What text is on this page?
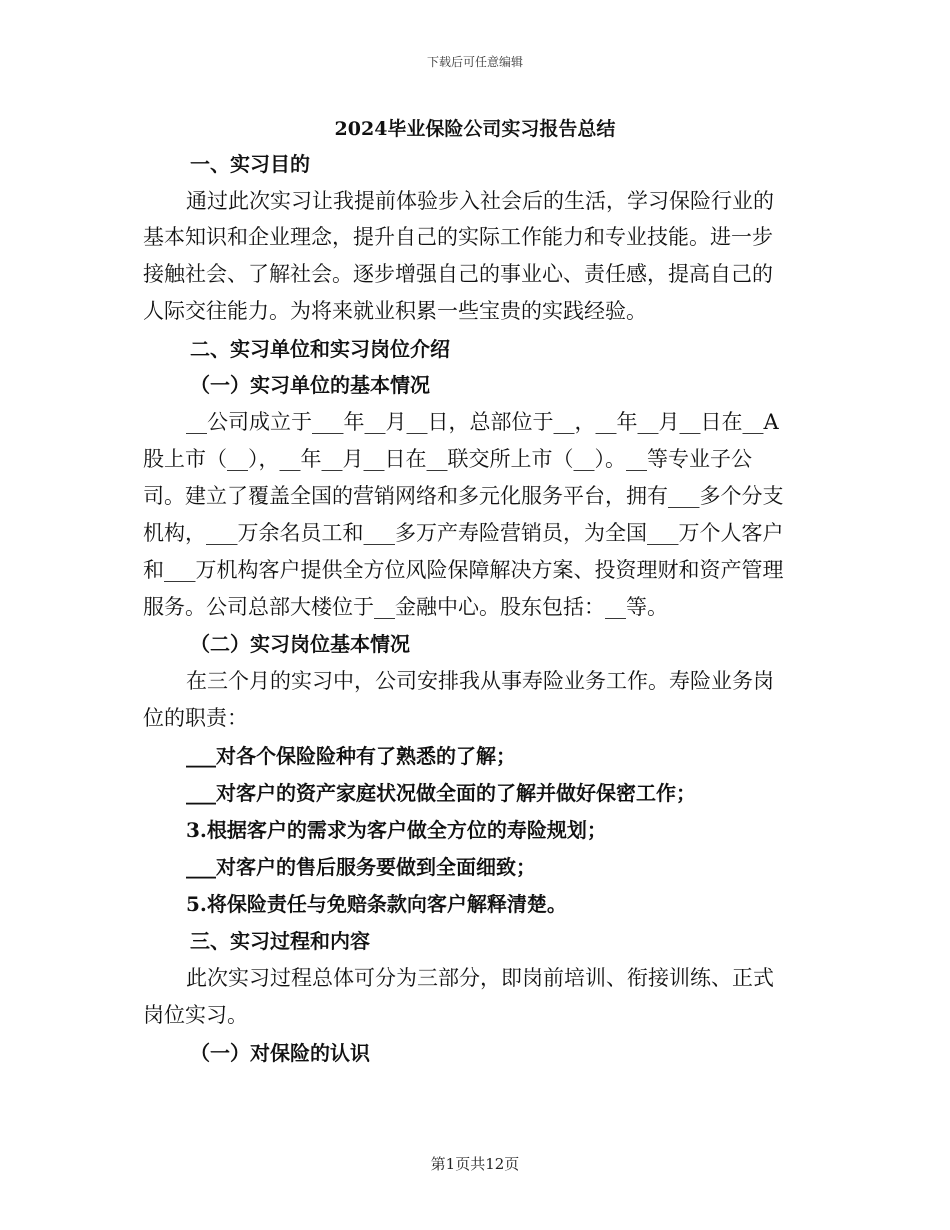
下载后可任意编辑
2024毕业保险公司实习报告总结
一、实习目的
通过此次实习让我提前体验步入社会后的生活，学习保险行业的
基本知识和企业理念，提升自己的实际工作能力和专业技能。进一步
接触社会、了解社会。逐步增强自己的事业心、责任感，提高自己的
人际交往能力。为将来就业积累一些宝贵的实践经验。
二、实习单位和实习岗位介绍
（一）实习单位的基本情况
__公司成立于___年__月__日，总部位于__，__年__月__日在__A
股上市（__），__年__月__日在__联交所上市（__）。__等专业子公
司。建立了覆盖全国的营销网络和多元化服务平台，拥有___多个分支
机构，___万余名员工和___多万产寿险营销员，为全国___万个人客户
和___万机构客户提供全方位风险保障解决方案、投资理财和资产管理
服务。公司总部大楼位于__金融中心。股东包括：__等。
（二）实习岗位基本情况
在三个月的实习中，公司安排我从事寿险业务工作。寿险业务岗
位的职责：
___对各个保险险种有了熟悉的了解；
___对客户的资产家庭状况做全面的了解并做好保密工作；
3.根据客户的需求为客户做全方位的寿险规划；
___对客户的售后服务要做到全面细致；
5.将保险责任与免赔条款向客户解释清楚。
三、实习过程和内容
此次实习过程总体可分为三部分，即岗前培训、衔接训练、正式
岗位实习。
（一）对保险的认识
第1页共12页
